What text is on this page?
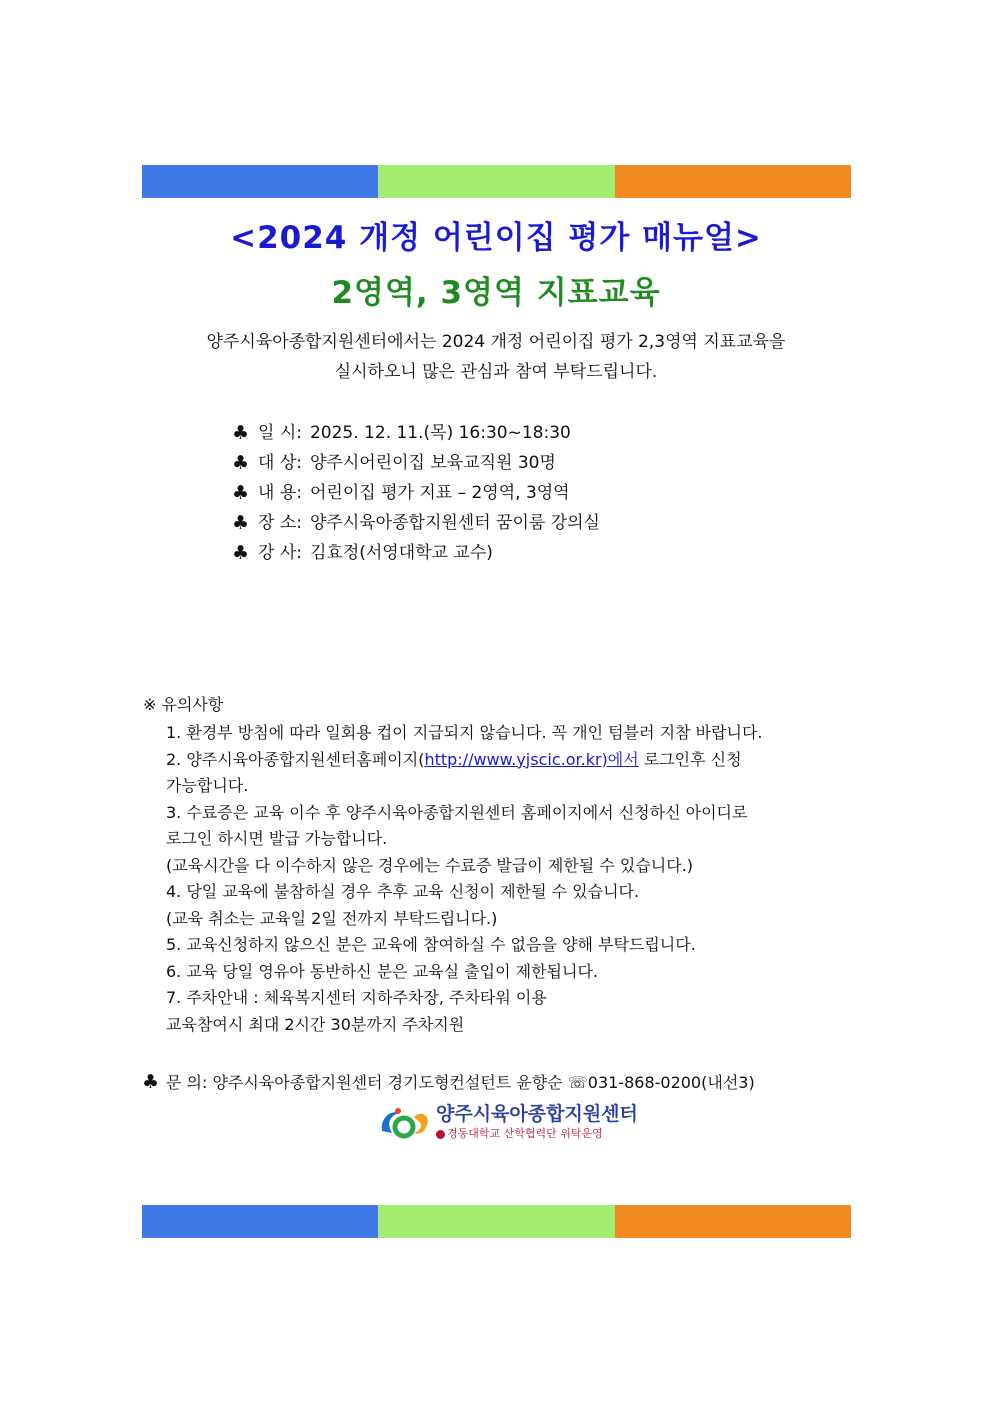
<2024 개정 어린이집 평가 매뉴얼>
2영역, 3영역 지표교육
양주시육아종합지원센터에서는 2024 개정 어린이집 평가 2,3영역 지표교육을
실시하오니 많은 관심과 참여 부탁드립니다.
♣ 일 시: 2025. 12. 11.(목) 16:30~18:30
♣ 대 상: 양주시어린이집 보육교직원 30명
♣ 내 용: 어린이집 평가 지표 – 2영역, 3영역
♣ 장 소: 양주시육아종합지원센터 꿈이룸 강의실
♣ 강 사: 김효정(서영대학교 교수)
※ 유의사항
1. 환경부 방침에 따라 일회용 컵이 지급되지 않습니다. 꼭 개인 텀블러 지참 바랍니다.
2. 양주시육아종합지원센터홈페이지(http://www.yjscic.or.kr)에서 로그인후 신청
가능합니다.
3. 수료증은 교육 이수 후 양주시육아종합지원센터 홈페이지에서 신청하신 아이디로
로그인 하시면 발급 가능합니다.
(교육시간을 다 이수하지 않은 경우에는 수료증 발급이 제한될 수 있습니다.)
4. 당일 교육에 불참하실 경우 추후 교육 신청이 제한될 수 있습니다.
(교육 취소는 교육일 2일 전까지 부탁드립니다.)
5. 교육신청하지 않으신 분은 교육에 참여하실 수 없음을 양해 부탁드립니다.
6. 교육 당일 영유아 동반하신 분은 교육실 출입이 제한됩니다.
7. 주차안내 : 체육복지센터 지하주차장, 주차타워 이용
교육참여시 최대 2시간 30분까지 주차지원
♣ 문 의: 양주시육아종합지원센터 경기도형컨설턴트 윤향순 ☏031-868-0200(내선3)
양주시육아종합지원센터
경동대학교 산학협력단 위탁운영
